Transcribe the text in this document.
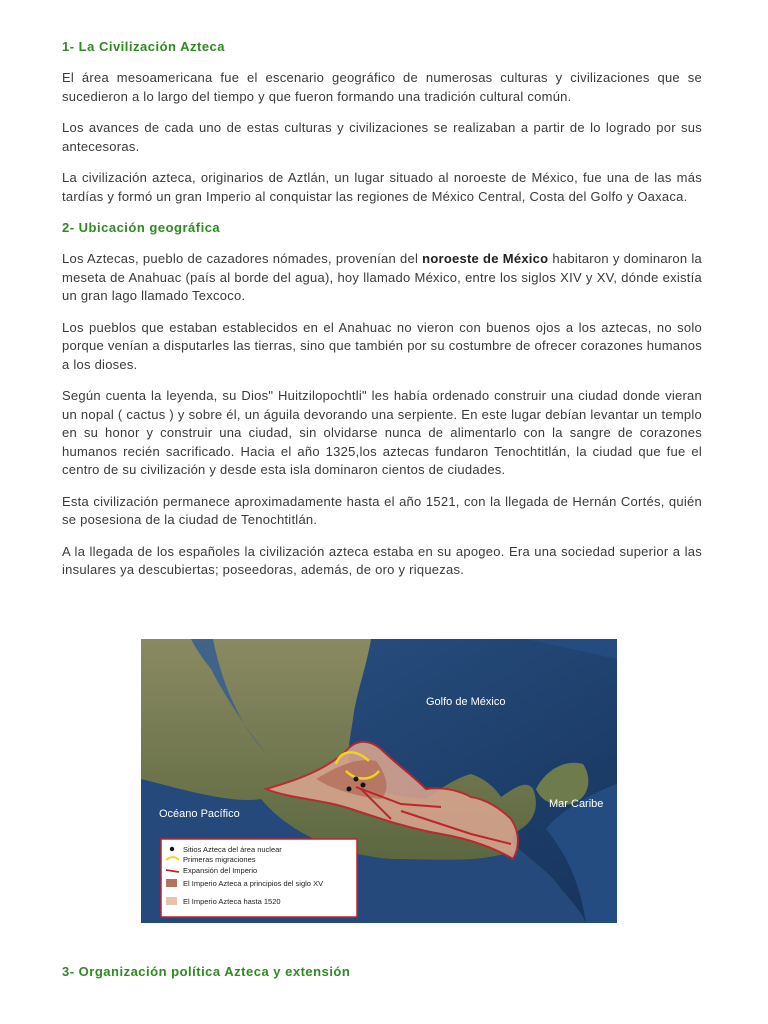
1- La Civilización Azteca

El área mesoamericana fue el escenario geográfico de numerosas culturas y civilizaciones que se sucedieron a lo largo del tiempo y que fueron formando una tradición cultural común.

Los avances de cada uno de estas culturas y civilizaciones se realizaban a partir de lo logrado por sus antecesoras.

La civilización azteca, originarios de Aztlán, un lugar situado al noroeste de México, fue una de las más tardías y formó un gran Imperio al conquistar las regiones de México Central, Costa del Golfo y Oaxaca.

2- Ubicación geográfica

Los Aztecas, pueblo de cazadores nómades, provenían del noroeste de México habitaron y dominaron la meseta de Anahuac (país al borde del agua), hoy llamado México, entre los siglos XIV y XV, dónde existía un gran lago llamado Texcoco.

Los pueblos que estaban establecidos en el Anahuac no vieron con buenos ojos a los aztecas, no solo porque venían a disputarles las tierras, sino que también por su costumbre de ofrecer corazones humanos a los dioses.

Según cuenta la leyenda, su Dios" Huitzilopochtli" les había ordenado construir una ciudad donde vieran un nopal ( cactus ) y sobre él, un águila devorando una serpiente. En este lugar debían levantar un templo en su honor y construir una ciudad, sin olvidarse nunca de alimentarlo con la sangre de corazones humanos recién sacrificado. Hacia el año 1325,los aztecas fundaron Tenochtitlán, la ciudad que fue el centro de su civilización y desde esta isla dominaron cientos de ciudades.

Esta civilización permanece aproximadamente hasta el año 1521, con la llegada de Hernán Cortés, quién se posesiona de la ciudad de Tenochtitlán.

A la llegada de los españoles la civilización azteca estaba en su apogeo. Era una sociedad superior a las insulares ya descubiertas; poseedoras, además, de oro y riquezas.

Golfo de México
Océano Pacífico
Mar Caribe
Sitios Azteca del área nuclear
Primeras migraciones
Expansión del Imperio
El Imperio Azteca a principios del siglo XV
El Imperio Azteca hasta 1520
3- Organización política Azteca y extensión
